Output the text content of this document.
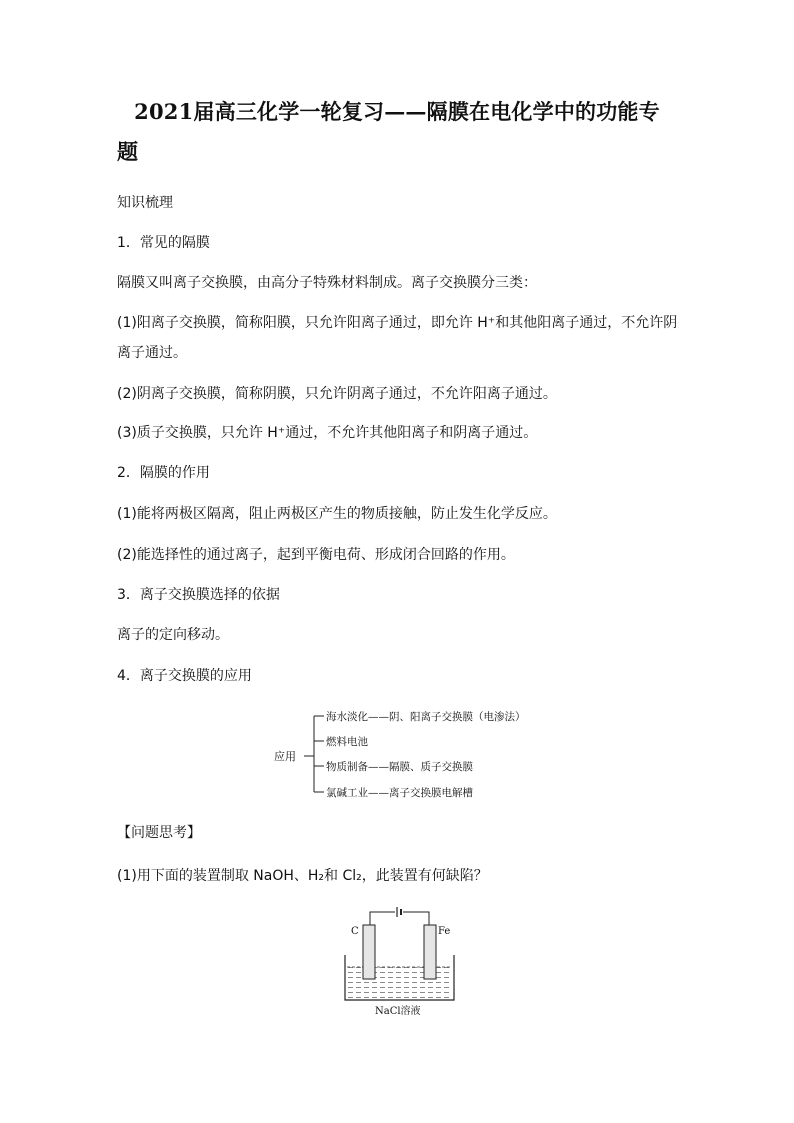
2021届高三化学一轮复习——隔膜在电化学中的功能专
题
知识梳理
1．常见的隔膜
隔膜又叫离子交换膜，由高分子特殊材料制成。离子交换膜分三类：
(1)阳离子交换膜，简称阳膜，只允许阳离子通过，即允许 H⁺和其他阳离子通过，不允许阴离子通过。
(2)阴离子交换膜，简称阴膜，只允许阴离子通过，不允许阳离子通过。
(3)质子交换膜，只允许 H⁺通过，不允许其他阳离子和阴离子通过。
2．隔膜的作用
(1)能将两极区隔离，阻止两极区产生的物质接触，防止发生化学反应。
(2)能选择性的通过离子，起到平衡电荷、形成闭合回路的作用。
3．离子交换膜选择的依据
离子的定向移动。
4．离子交换膜的应用
应用
海水淡化——阴、阳离子交换膜（电渗法）
燃料电池
物质制备——隔膜、质子交换膜
氯碱工业——离子交换膜电解槽
【问题思考】
(1)用下面的装置制取 NaOH、H₂和 Cl₂，此装置有何缺陷？
C	Fe
NaCl溶液
